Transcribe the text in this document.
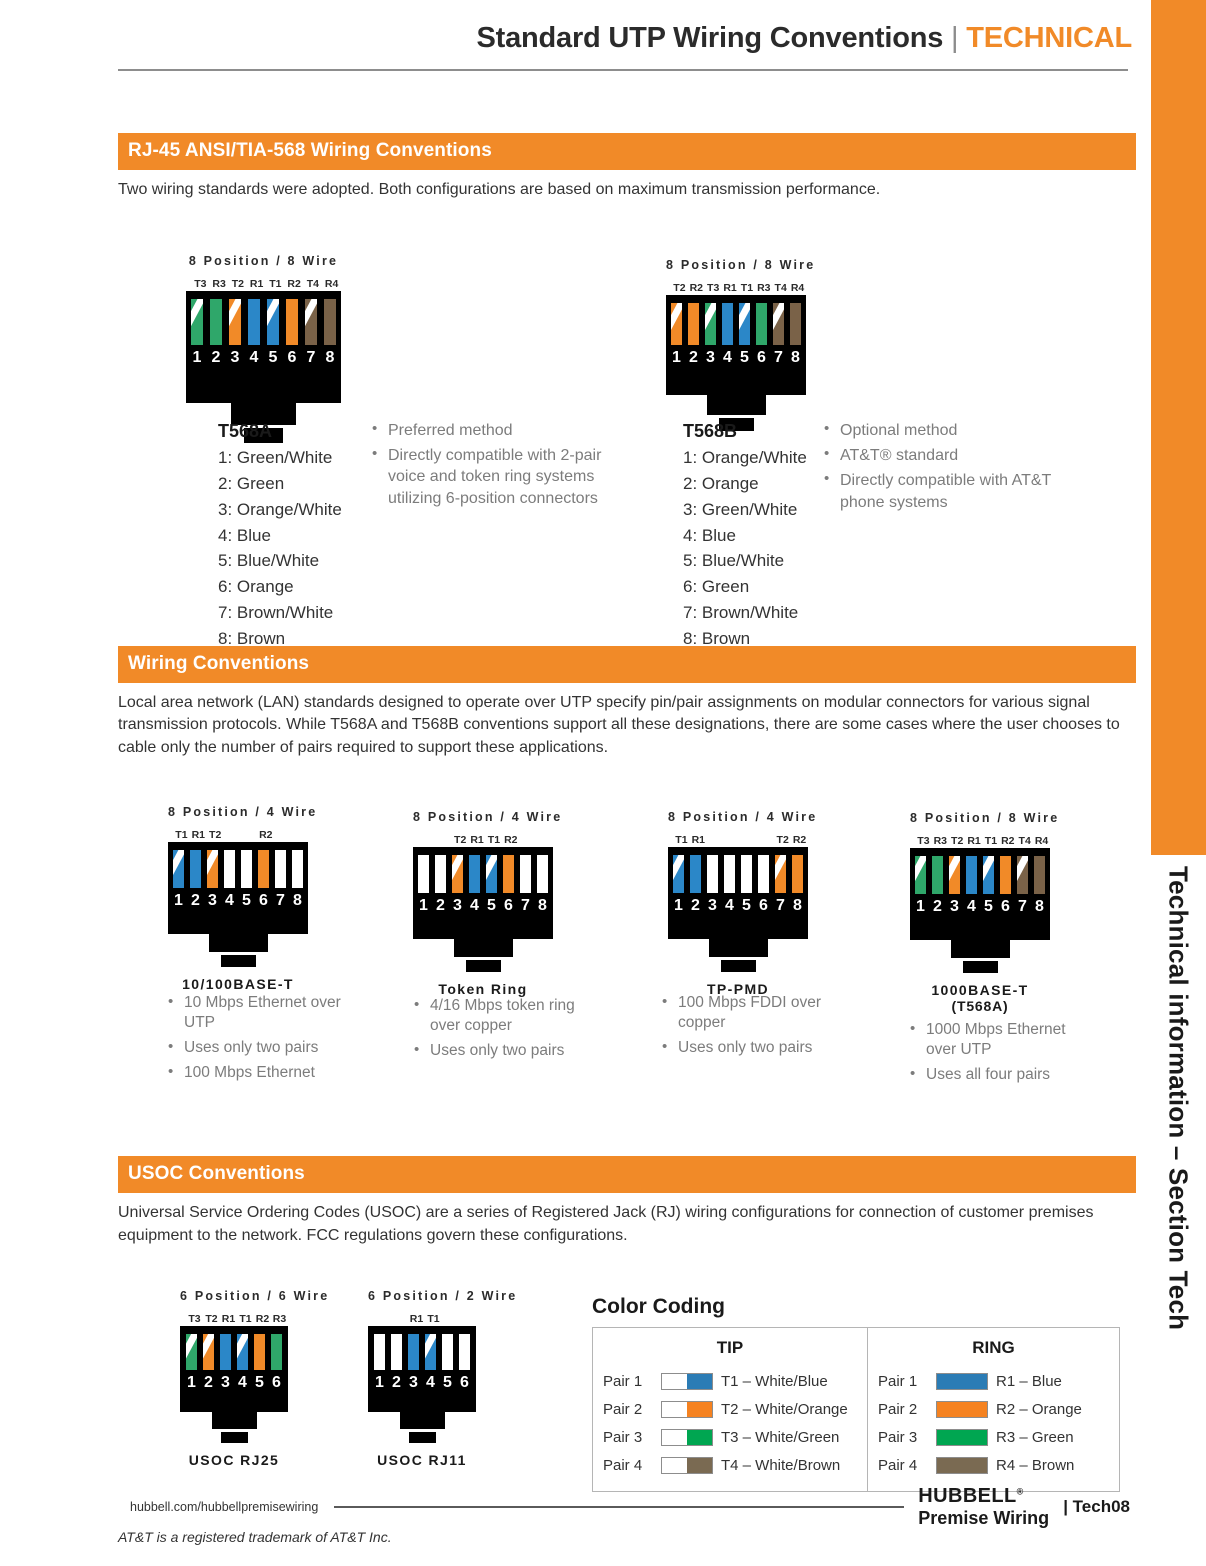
Technical information – Section Tech
Standard UTP Wiring Conventions | TECHNICAL
RJ-45 ANSI/TIA-568 Wiring Conventions
Two wiring standards were adopted. Both configurations are based on maximum transmission performance.
8 Position / 8 Wire
T3 R3 T2 R1 T1 R2 T4 R4
1 2 3 4 5 6 7 8
8 Position / 8 Wire
T2 R2 T3 R1 T1 R3 T4 R4
1 2 3 4 5 6 7 8
T568A
1: Green/White
2: Green
3: Orange/White
4: Blue
5: Blue/White
6: Orange
7: Brown/White
8: Brown
• Preferred method
• Directly compatible with 2-pair voice and token ring systems utilizing 6-position connectors
T568B
1: Orange/White
2: Orange
3: Green/White
4: Blue
5: Blue/White
6: Green
7: Brown/White
8: Brown
• Optional method
• AT&T® standard
• Directly compatible with AT&T phone systems
Wiring Conventions
Local area network (LAN) standards designed to operate over UTP specify pin/pair assignments on modular connectors for various signal transmission protocols. While T568A and T568B conventions support all these designations, there are some cases where the user chooses to cable only the number of pairs required to support these applications.
8 Position / 4 Wire
T1 R1 T2	R2
1 2 3 4 5 6 7 8
10/100BASE-T
8 Position / 4 Wire
T2 R1 T1 R2
1 2 3 4 5 6 7 8
Token Ring
8 Position / 4 Wire
T1 R1	T2 R2
1 2 3 4 5 6 7 8
TP-PMD
8 Position / 8 Wire
T3 R3 T2 R1 T1 R2 T4 R4
1 2 3 4 5 6 7 8
1000BASE-T
(T568A)
• 10 Mbps Ethernet over UTP
• Uses only two pairs
• 100 Mbps Ethernet
• 4/16 Mbps token ring over copper
• Uses only two pairs
• 100 Mbps FDDI over copper
• Uses only two pairs
• 1000 Mbps Ethernet over UTP
• Uses all four pairs
USOC Conventions
Universal Service Ordering Codes (USOC) are a series of Registered Jack (RJ) wiring configurations for connection of customer premises equipment to the network. FCC regulations govern these configurations.
6 Position / 6 Wire
T3 T2 R1 T1 R2 R3
1 2 3 4 5 6
USOC RJ25
6 Position / 2 Wire
R1 T1
1 2 3 4 5 6
USOC RJ11
Color Coding
TIP
Pair 1	T1 – White/Blue
Pair 2	T2 – White/Orange
Pair 3	T3 – White/Green
Pair 4	T4 – White/Brown
RING
Pair 1	R1 – Blue
Pair 2	R2 – Orange
Pair 3	R3 – Green
Pair 4	R4 – Brown
AT&T is a registered trademark of AT&T Inc.
hubbell.com/hubbellpremisewiring	HUBBELL®
Premise Wiring
| Tech08
